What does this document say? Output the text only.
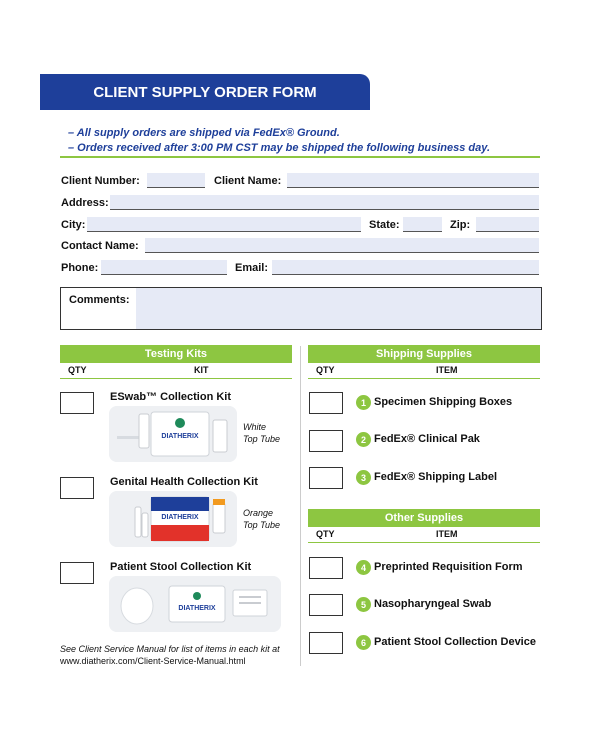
CLIENT SUPPLY ORDER FORM
– All supply orders are shipped via FedEx® Ground.
– Orders received after 3:00 PM CST may be shipped the following business day.
Client Number:	Client Name:
Address:
City:	State:	Zip:
Contact Name:
Phone:	Email:
Comments:
Testing Kits
QTY	KIT
ESwab™ Collection Kit
DIATHERIX
White
Top Tube
Genital Health Collection Kit
DIATHERIX	Orange
Top Tube
Patient Stool Collection Kit
DIATHERIX
See Client Service Manual for list of items in each kit at
www.diatherix.com/Client-Service-Manual.html
Shipping Supplies
QTY	ITEM
1 Specimen Shipping Boxes
2 FedEx® Clinical Pak
3 FedEx® Shipping Label
Other Supplies
QTY	ITEM
4 Preprinted Requisition Form
5 Nasopharyngeal Swab
6 Patient Stool Collection Device
